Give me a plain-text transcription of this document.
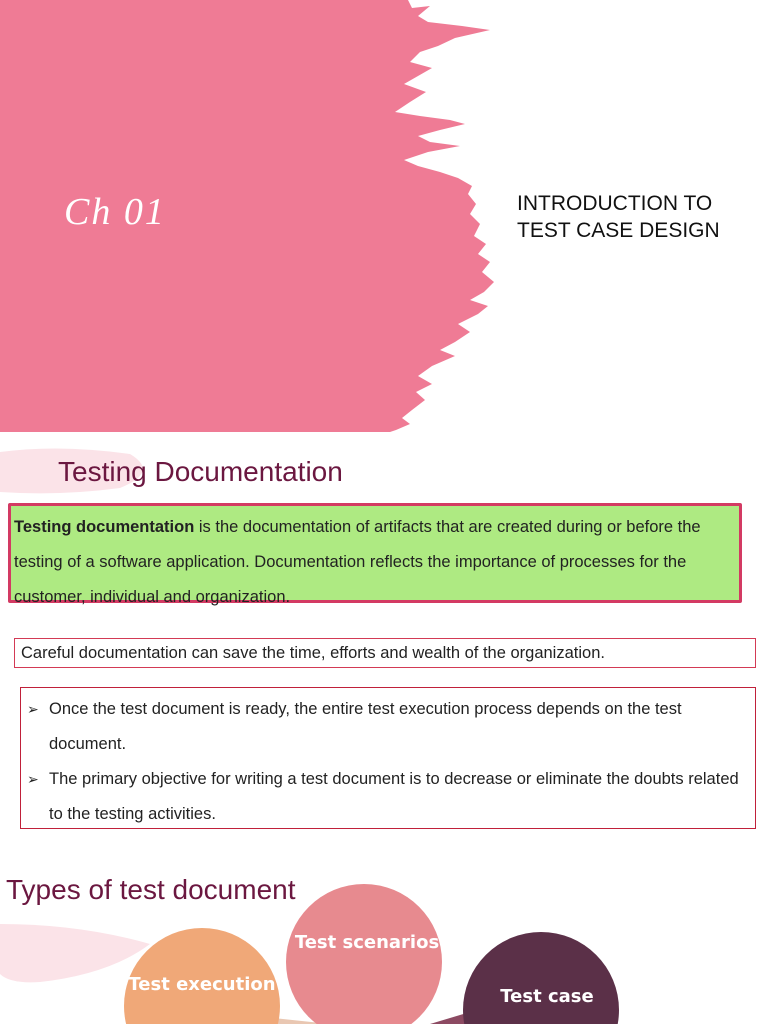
Ch 01	INTRODUCTION TO
TEST CASE DESIGN
Testing Documentation
Testing documentation is the documentation of artifacts that are created during or before the testing of a software application. Documentation reflects the importance of processes for the customer, individual and organization.
Careful documentation can save the time, efforts and wealth of the organization.
➢ Once the test document is ready, the entire test execution process depends on the test document.
➢ The primary objective for writing a test document is to decrease or eliminate the doubts related to the testing activities.
Types of test document
Test execution
Test scenarios
Test case
